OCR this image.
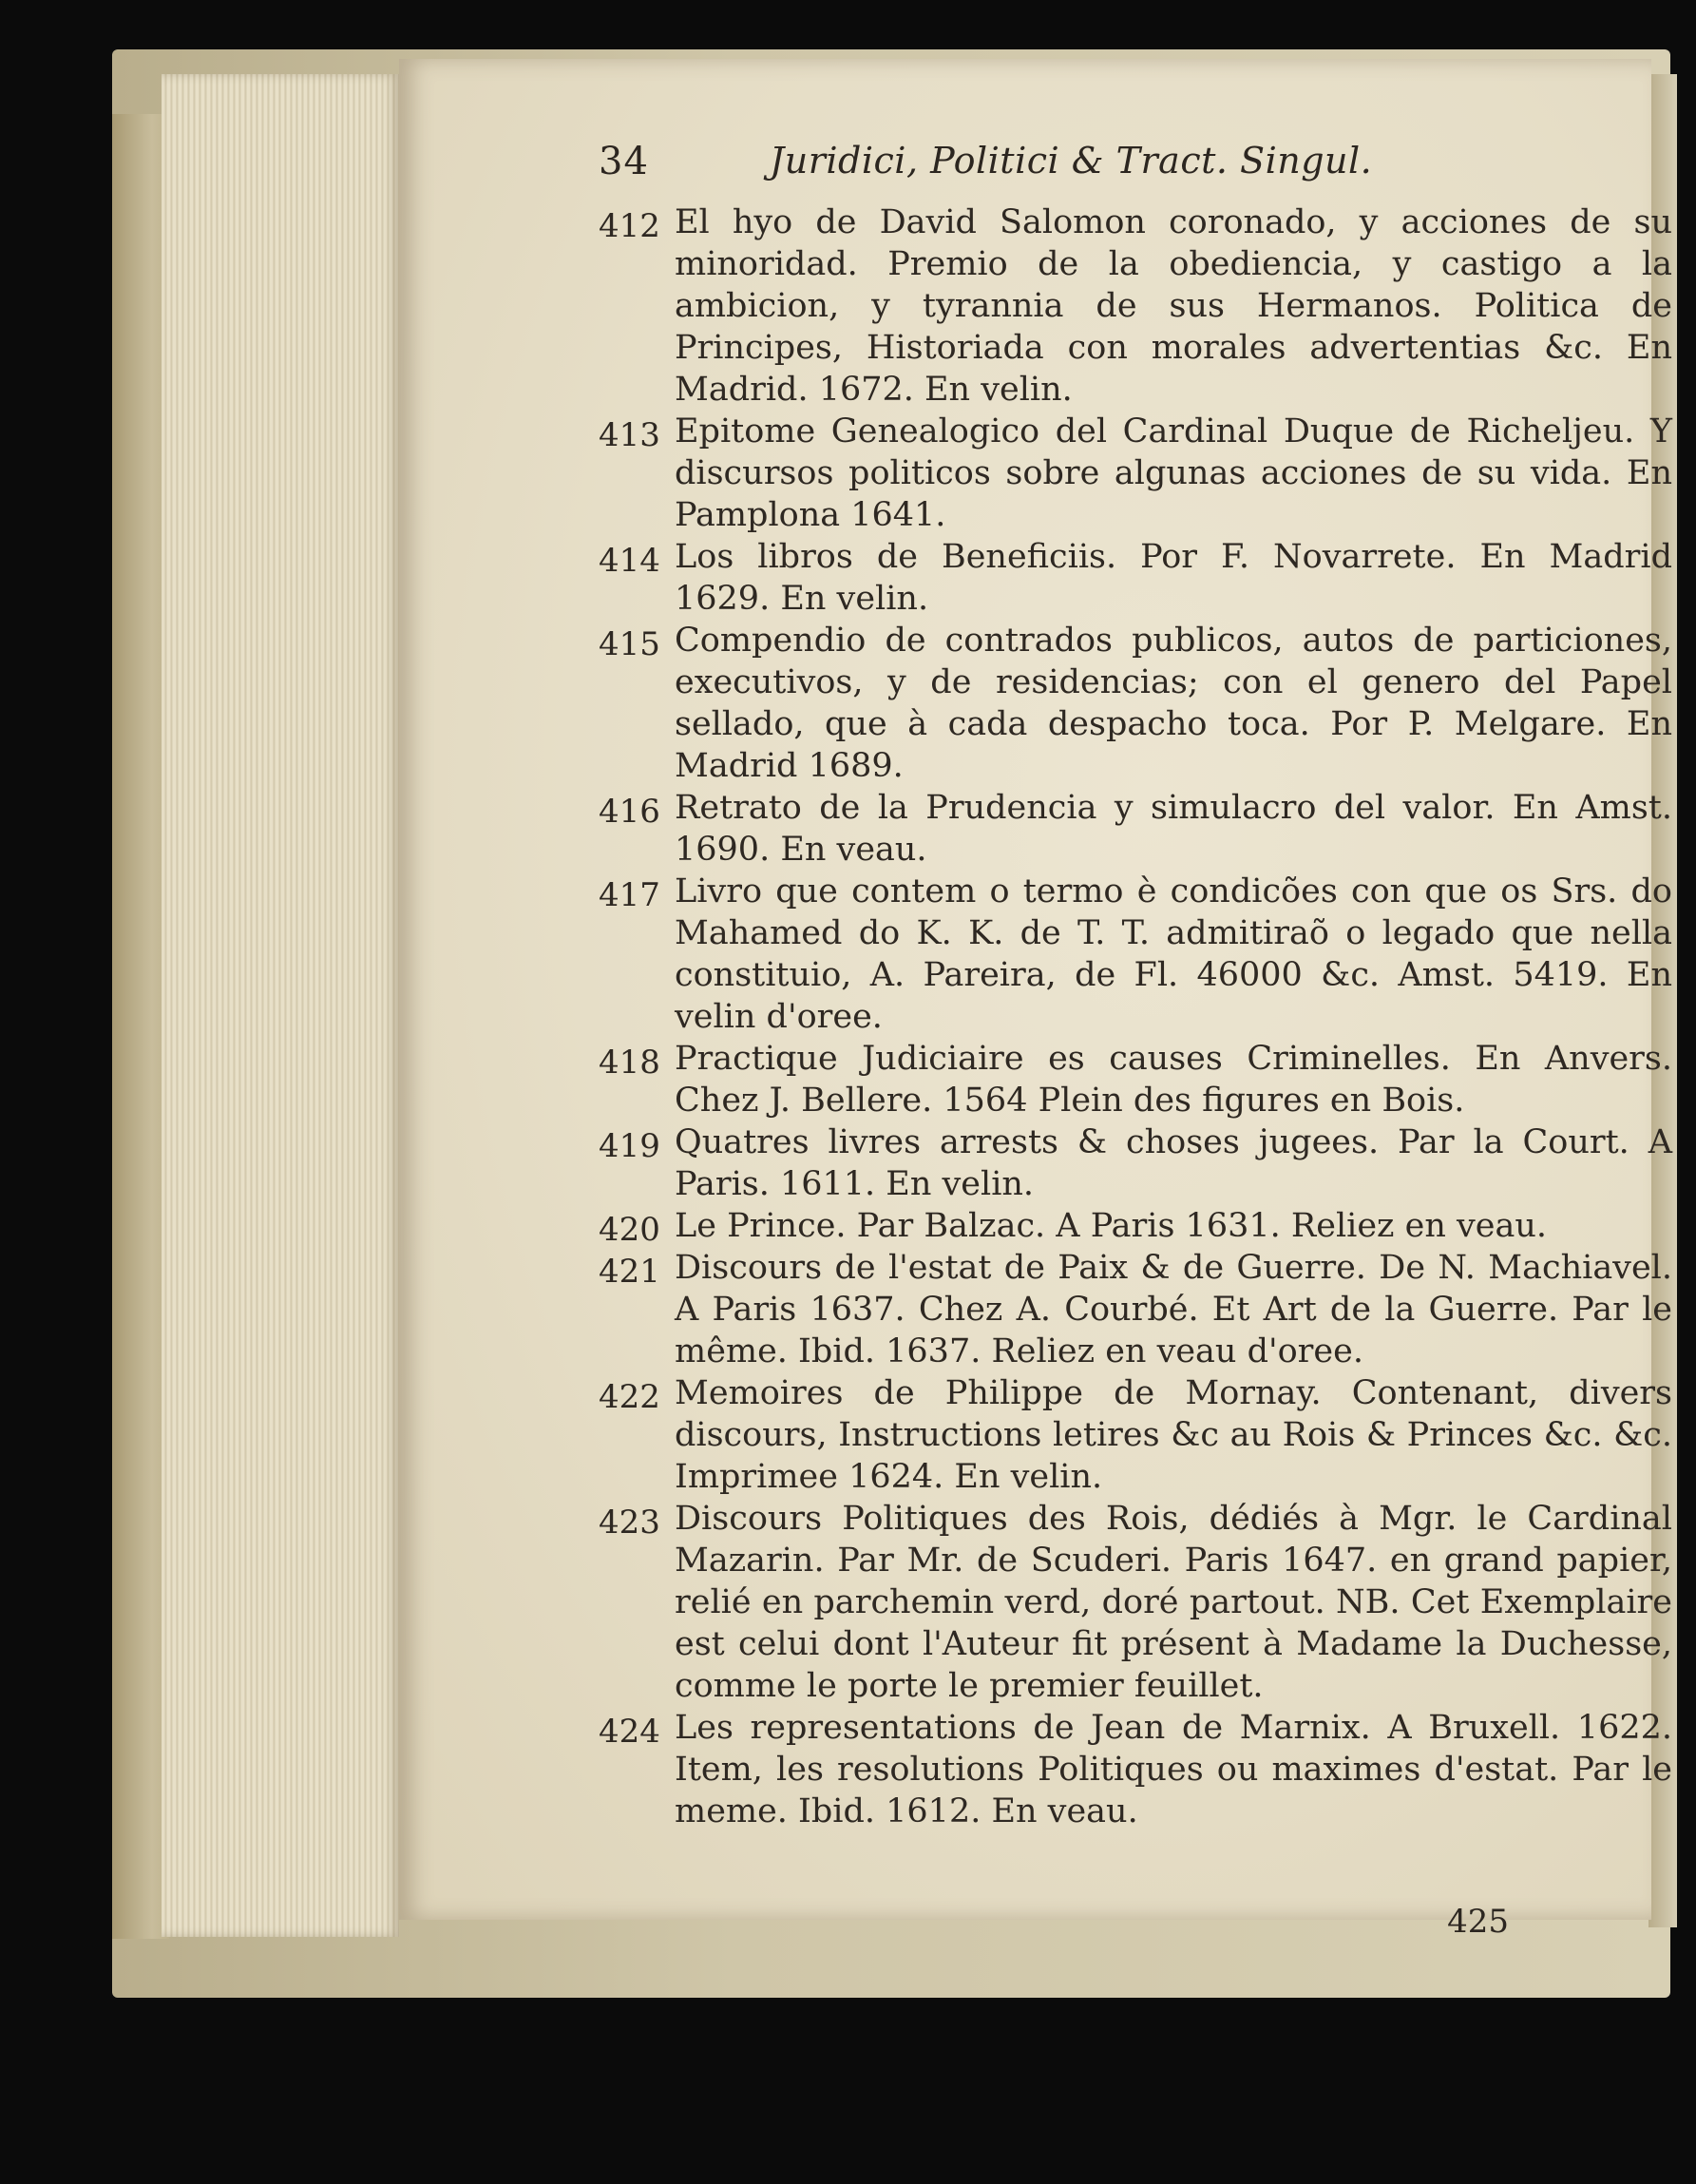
34	Juridici, Politici & Tract. Singul.
412 El hyo de David Salomon coronado, y acciones de su minoridad. Premio de la obediencia, y castigo a la ambicion, y tyrannia de sus Hermanos. Politica de Principes, Historiada con morales advertentias &c. En Madrid. 1672. En velin.
413 Epitome Genealogico del Cardinal Duque de Richeljeu. Y discursos politicos sobre algunas acciones de su vida. En Pamplona 1641.
414 Los libros de Beneficiis. Por F. Novarrete. En Madrid 1629. En velin.
415 Compendio de contrados publicos, autos de particiones, executivos, y de residencias; con el genero del Papel sellado, que à cada despacho toca. Por P. Melgare. En Madrid 1689.
416 Retrato de la Prudencia y simulacro del valor. En Amst. 1690. En veau.
417 Livro que contem o termo è condicões con que os Srs. do Mahamed do K. K. de T. T. admitiraõ o legado que nella constituio, A. Pareira, de Fl. 46000 &c. Amst. 5419. En velin d'oree.
418 Practique Judiciaire es causes Criminelles. En Anvers. Chez J. Bellere. 1564 Plein des figures en Bois.
419 Quatres livres arrests & choses jugees. Par la Court. A Paris. 1611. En velin.
420 Le Prince. Par Balzac. A Paris 1631. Reliez en veau.
421 Discours de l'estat de Paix & de Guerre. De N. Machiavel. A Paris 1637. Chez A. Courbé. Et Art de la Guerre. Par le même. Ibid. 1637. Reliez en veau d'oree.
422 Memoires de Philippe de Mornay. Contenant, divers discours, Instructions letires &c au Rois & Princes &c. &c. Imprimee 1624. En velin.
423 Discours Politiques des Rois, dédiés à Mgr. le Cardinal Mazarin. Par Mr. de Scuderi. Paris 1647. en grand papier, relié en parchemin verd, doré partout. NB. Cet Exemplaire est celui dont l'Auteur fit présent à Madame la Duchesse, comme le porte le premier feuillet.
424 Les representations de Jean de Marnix. A Bruxell. 1622. Item, les resolutions Politiques ou maximes d'estat. Par le meme. Ibid. 1612. En veau.
425
